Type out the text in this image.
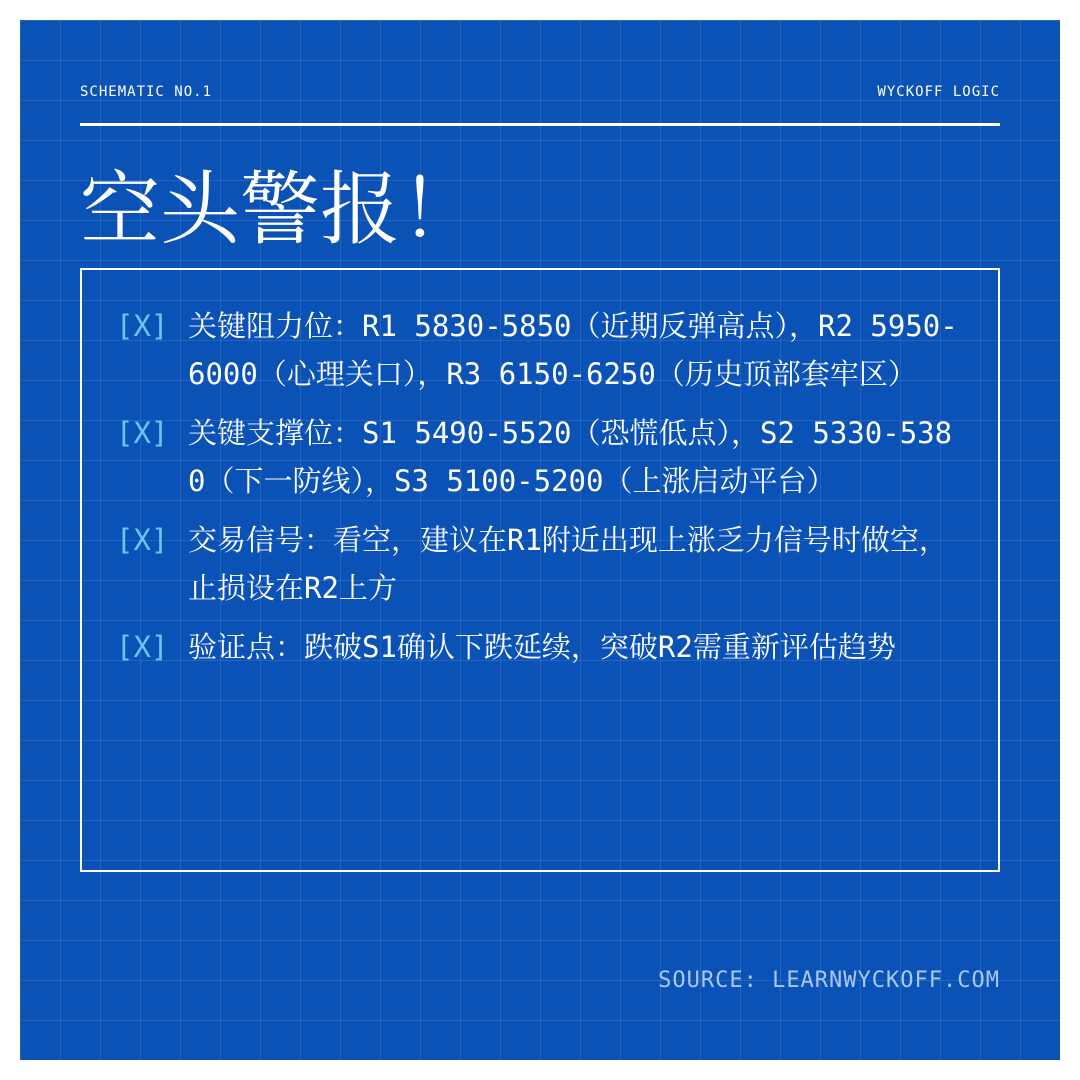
SCHEMATIC NO.1	WYCKOFF LOGIC
空头警报！
[X] 关键阻力位：R1 5830-5850（近期反弹高点），R2 5950-6000（心理关口），R3 6150-6250（历史顶部套牢区）
[X] 关键支撑位：S1 5490-5520（恐慌低点），S2 5330-5380（下一防线），S3 5100-5200（上涨启动平台）
[X] 交易信号：看空，建议在R1附近出现上涨乏力信号时做空，止损设在R2上方
[X] 验证点：跌破S1确认下跌延续，突破R2需重新评估趋势
SOURCE: LEARNWYCKOFF.COM
